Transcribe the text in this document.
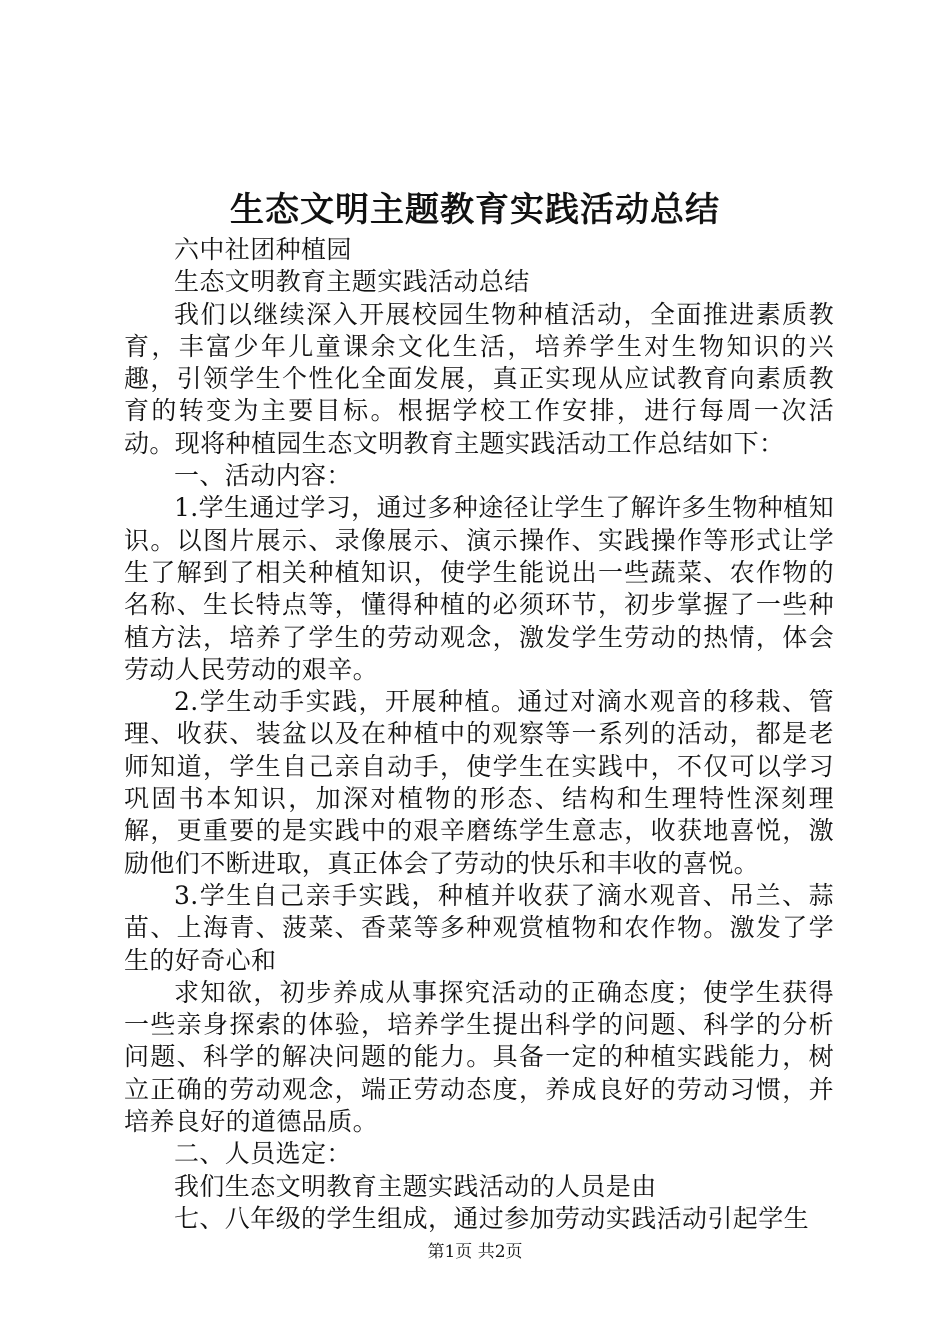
生态文明主题教育实践活动总结

六中社团种植园

生态文明教育主题实践活动总结

我们以继续深入开展校园生物种植活动，全面推进素质教育，丰富少年儿童课余文化生活，培养学生对生物知识的兴趣，引领学生个性化全面发展，真正实现从应试教育向素质教育的转变为主要目标。根据学校工作安排，进行每周一次活动。现将种植园生态文明教育主题实践活动工作总结如下：

一、活动内容：

1.学生通过学习，通过多种途径让学生了解许多生物种植知识。以图片展示、录像展示、演示操作、实践操作等形式让学生了解到了相关种植知识，使学生能说出一些蔬菜、农作物的名称、生长特点等，懂得种植的必须环节，初步掌握了一些种植方法，培养了学生的劳动观念，激发学生劳动的热情，体会劳动人民劳动的艰辛。

2.学生动手实践，开展种植。通过对滴水观音的移栽、管理、收获、装盆以及在种植中的观察等一系列的活动，都是老师知道，学生自己亲自动手，使学生在实践中，不仅可以学习巩固书本知识，加深对植物的形态、结构和生理特性深刻理解，更重要的是实践中的艰辛磨练学生意志，收获地喜悦，激励他们不断进取，真正体会了劳动的快乐和丰收的喜悦。

3.学生自己亲手实践，种植并收获了滴水观音、吊兰、蒜苗、上海青、菠菜、香菜等多种观赏植物和农作物。激发了学生的好奇心和

求知欲，初步养成从事探究活动的正确态度；使学生获得一些亲身探索的体验，培养学生提出科学的问题、科学的分析问题、科学的解决问题的能力。具备一定的种植实践能力，树立正确的劳动观念，端正劳动态度，养成良好的劳动习惯，并培养良好的道德品质。

二、人员选定：

我们生态文明教育主题实践活动的人员是由

七、八年级的学生组成，通过参加劳动实践活动引起学生

第1页 共2页
